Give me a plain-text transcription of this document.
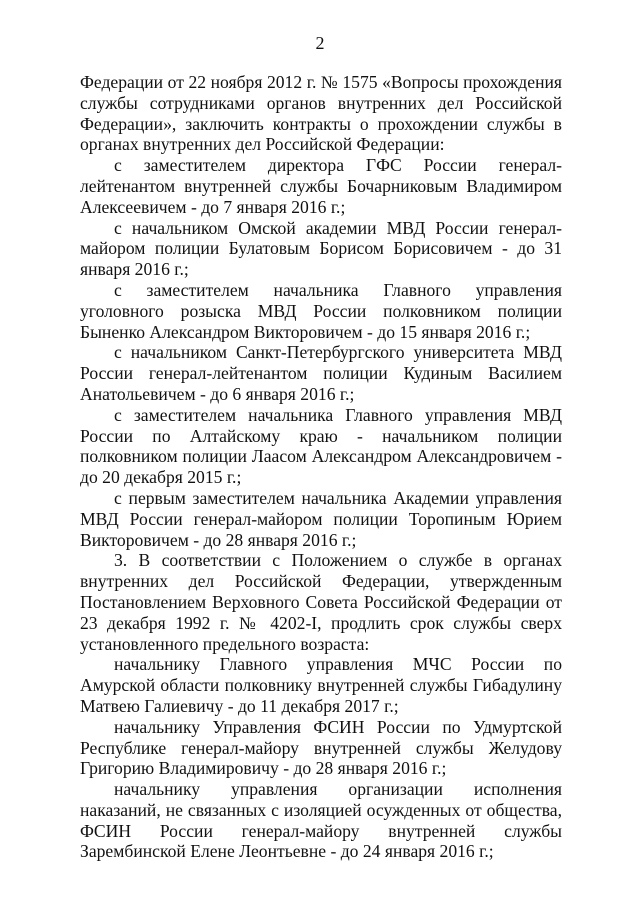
2

Федерации от 22 ноября 2012 г. № 1575 «Вопросы прохождения службы сотрудниками органов внутренних дел Российской Федерации», заключить контракты о прохождении службы в органах внутренних дел Российской Федерации:

с заместителем директора ГФС России генерал-лейтенантом внутренней службы Бочарниковым Владимиром Алексеевичем - до 7 января 2016 г.;

с начальником Омской академии МВД России генерал-майором полиции Булатовым Борисом Борисовичем - до 31 января 2016 г.;

с заместителем начальника Главного управления уголовного розыска МВД России полковником полиции Быненко Александром Викторовичем - до 15 января 2016 г.;

с начальником Санкт-Петербургского университета МВД России генерал-лейтенантом полиции Кудиным Василием Анатольевичем - до 6 января 2016 г.;

с заместителем начальника Главного управления МВД России по Алтайскому краю - начальником полиции полковником полиции Лаасом Александром Александровичем - до 20 декабря 2015 г.;

с первым заместителем начальника Академии управления МВД России генерал-майором полиции Торопиным Юрием Викторовичем - до 28 января 2016 г.;

3. В соответствии с Положением о службе в органах внутренних дел Российской Федерации, утвержденным Постановлением Верховного Совета Российской Федерации от 23 декабря 1992 г. № 4202-I, продлить срок службы сверх установленного предельного возраста:

начальнику Главного управления МЧС России по Амурской области полковнику внутренней службы Гибадулину Матвею Галиевичу - до 11 декабря 2017 г.;

начальнику Управления ФСИН России по Удмуртской Республике генерал-майору внутренней службы Желудову Григорию Владимировичу - до 28 января 2016 г.;

начальнику управления организации исполнения наказаний, не связанных с изоляцией осужденных от общества, ФСИН России генерал-майору внутренней службы Зарембинской Елене Леонтьевне - до 24 января 2016 г.;
